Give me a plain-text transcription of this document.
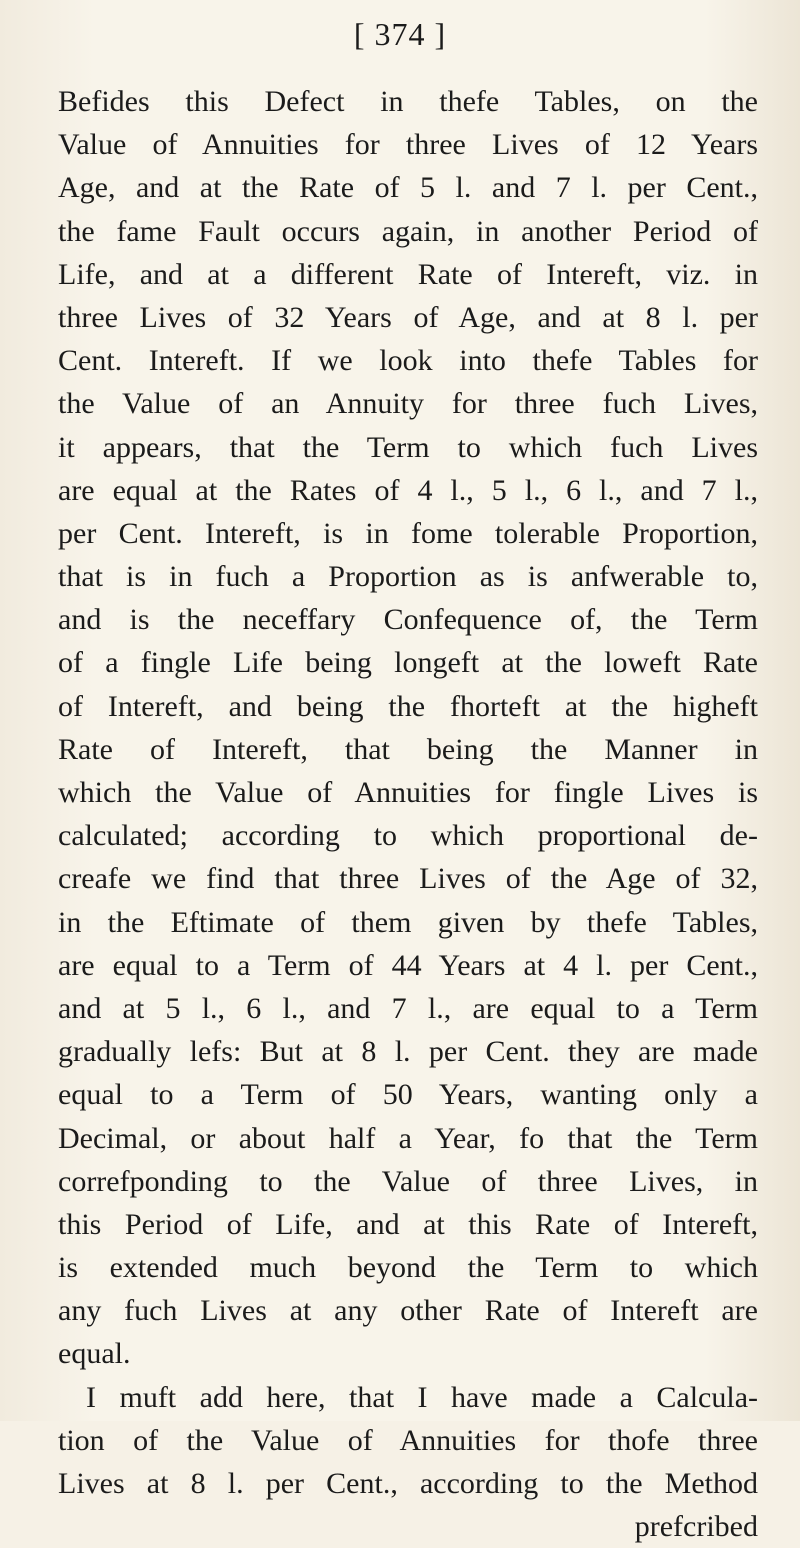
[ 374 ]
Befides this Defect in thefe Tables, on the
Value of Annuities for three Lives of 12 Years
Age, and at the Rate of 5 l. and 7 l. per Cent.,
the fame Fault occurs again, in another Period of
Life, and at a different Rate of Intereft, viz. in
three Lives of 32 Years of Age, and at 8 l. per
Cent. Intereft. If we look into thefe Tables for
the Value of an Annuity for three fuch Lives,
it appears, that the Term to which fuch Lives
are equal at the Rates of 4 l., 5 l., 6 l., and 7 l.,
per Cent. Intereft, is in fome tolerable Proportion,
that is in fuch a Proportion as is anfwerable to,
and is the neceffary Confequence of, the Term
of a fingle Life being longeft at the loweft Rate
of Intereft, and being the fhorteft at the higheft
Rate of Intereft, that being the Manner in
which the Value of Annuities for fingle Lives is
calculated; according to which proportional de-
creafe we find that three Lives of the Age of 32,
in the Eftimate of them given by thefe Tables,
are equal to a Term of 44 Years at 4 l. per Cent.,
and at 5 l., 6 l., and 7 l., are equal to a Term
gradually lefs: But at 8 l. per Cent. they are made
equal to a Term of 50 Years, wanting only a
Decimal, or about half a Year, fo that the Term
correfponding to the Value of three Lives, in
this Period of Life, and at this Rate of Intereft,
is extended much beyond the Term to which
any fuch Lives at any other Rate of Intereft are
equal.
I muft add here, that I have made a Calcula-
tion of the Value of Annuities for thofe three
Lives at 8 l. per Cent., according to the Method
prefcribed
